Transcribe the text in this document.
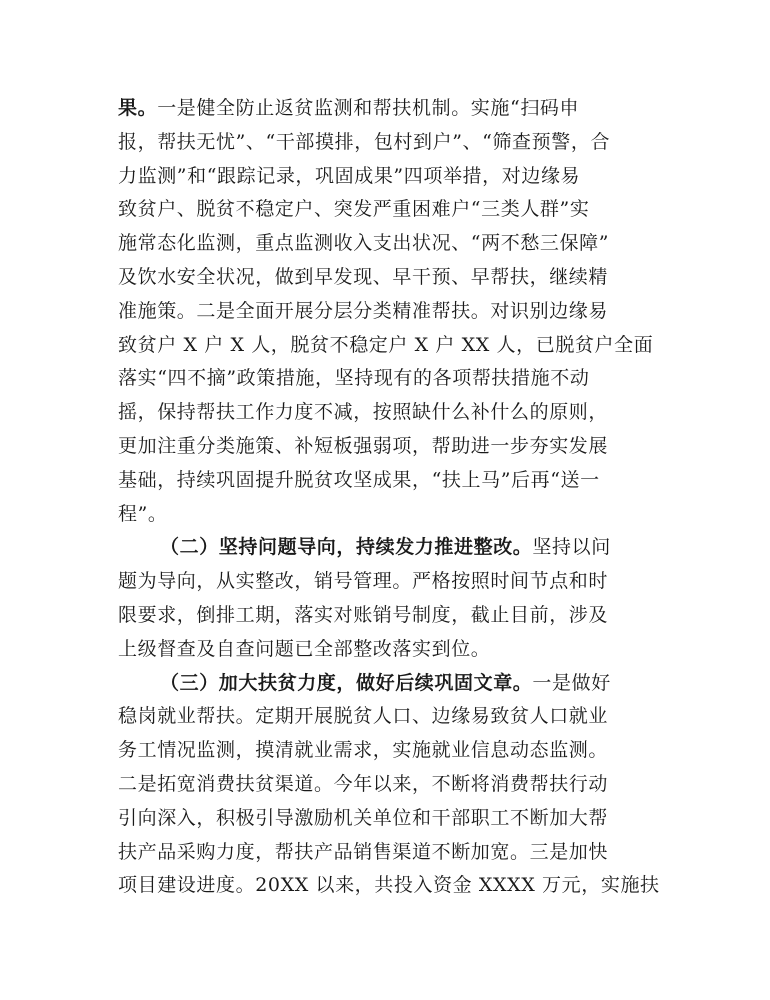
果。一是健全防止返贫监测和帮扶机制。实施“扫码申
报，帮扶无忧”、“干部摸排，包村到户”、“筛查预警，合
力监测”和“跟踪记录，巩固成果”四项举措，对边缘易
致贫户、脱贫不稳定户、突发严重困难户“三类人群”实
施常态化监测，重点监测收入支出状况、“两不愁三保障”
及饮水安全状况，做到早发现、早干预、早帮扶，继续精
准施策。二是全面开展分层分类精准帮扶。对识别边缘易
致贫户 X 户 X 人，脱贫不稳定户 X 户 XX 人，已脱贫户全面
落实“四不摘”政策措施，坚持现有的各项帮扶措施不动
摇，保持帮扶工作力度不减，按照缺什么补什么的原则，
更加注重分类施策、补短板强弱项，帮助进一步夯实发展
基础，持续巩固提升脱贫攻坚成果，“扶上马”后再“送一
程”。
（二）坚持问题导向，持续发力推进整改。坚持以问
题为导向，从实整改，销号管理。严格按照时间节点和时
限要求，倒排工期，落实对账销号制度，截止目前，涉及
上级督查及自查问题已全部整改落实到位。
（三）加大扶贫力度，做好后续巩固文章。一是做好
稳岗就业帮扶。定期开展脱贫人口、边缘易致贫人口就业
务工情况监测，摸清就业需求，实施就业信息动态监测。
二是拓宽消费扶贫渠道。今年以来，不断将消费帮扶行动
引向深入，积极引导激励机关单位和干部职工不断加大帮
扶产品采购力度，帮扶产品销售渠道不断加宽。三是加快
项目建设进度。20XX 以来，共投入资金 XXXX 万元，实施扶
